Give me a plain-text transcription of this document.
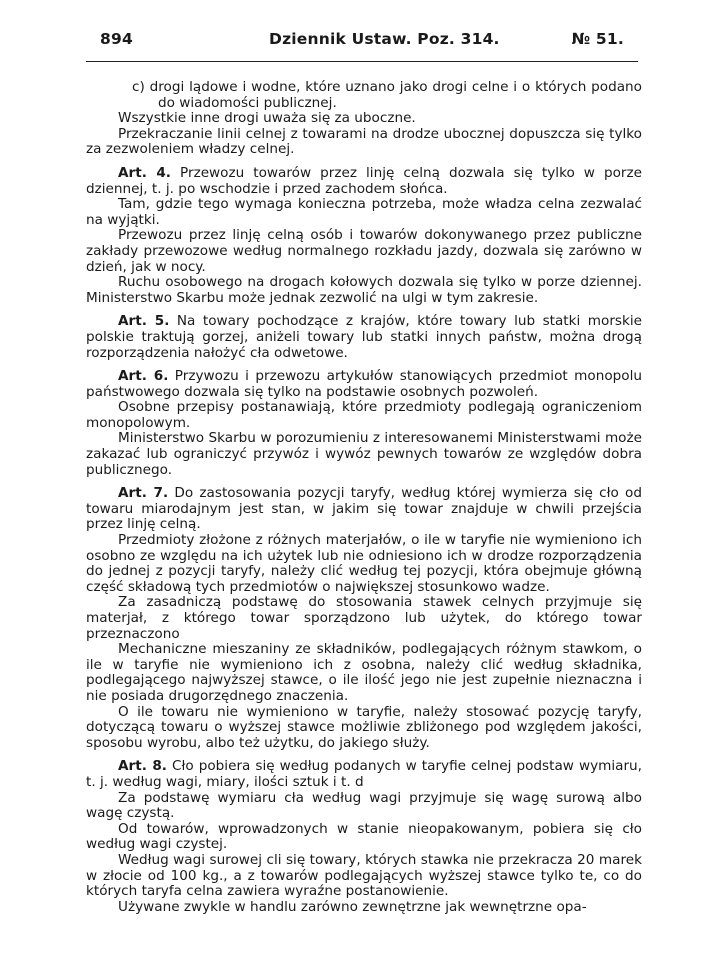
894	Dziennik Ustaw. Poz. 314.	№ 51.

c) drogi lądowe i wodne, które uznano jako drogi celne i o których podano do wiadomości publicznej.

Wszystkie inne drogi uważa się za uboczne.

Przekraczanie linii celnej z towarami na drodze ubocznej dopuszcza się tylko za zezwoleniem władzy celnej.

Art. 4. Przewozu towarów przez linję celną dozwala się tylko w porze dziennej, t. j. po wschodzie i przed zachodem słońca.

Tam, gdzie tego wymaga konieczna potrzeba, może władza celna zezwalać na wyjątki.

Przewozu przez linję celną osób i towarów dokonywanego przez publiczne zakłady przewozowe według normalnego rozkładu jazdy, dozwala się zarówno w dzień, jak w nocy.

Ruchu osobowego na drogach kołowych dozwala się tylko w porze dziennej. Ministerstwo Skarbu może jednak zezwolić na ulgi w tym zakresie.

Art. 5. Na towary pochodzące z krajów, które towary lub statki morskie polskie traktują gorzej, aniżeli towary lub statki innych państw, można drogą rozporządzenia nałożyć cła odwetowe.

Art. 6. Przywozu i przewozu artykułów stanowiących przedmiot monopolu państwowego dozwala się tylko na podstawie osobnych pozwoleń.

Osobne przepisy postanawiają, które przedmioty podlegają ograniczeniom monopolowym.

Ministerstwo Skarbu w porozumieniu z interesowanemi Ministerstwami może zakazać lub ograniczyć przywóz i wywóz pewnych towarów ze względów dobra publicznego.

Art. 7. Do zastosowania pozycji taryfy, według której wymierza się cło od towaru miarodajnym jest stan, w jakim się towar znajduje w chwili przejścia przez linję celną.

Przedmioty złożone z różnych materjałów, o ile w taryfie nie wymieniono ich osobno ze względu na ich użytek lub nie odniesiono ich w drodze rozporządzenia do jednej z pozycji taryfy, należy clić według tej pozycji, która obejmuje główną część składową tych przedmiotów o największej stosunkowo wadze.

Za zasadniczą podstawę do stosowania stawek celnych przyjmuje się materjał, z którego towar sporządzono lub użytek, do którego towar przeznaczono

Mechaniczne mieszaniny ze składników, podlegających różnym stawkom, o ile w taryfie nie wymieniono ich z osobna, należy clić według składnika, podlegającego najwyższej stawce, o ile ilość jego nie jest zupełnie nieznaczna i nie posiada drugorzędnego znaczenia.

O ile towaru nie wymieniono w taryfie, należy stosować pozycję taryfy, dotyczącą towaru o wyższej stawce możliwie zbliżonego pod względem jakości, sposobu wyrobu, albo też użytku, do jakiego służy.

Art. 8. Cło pobiera się według podanych w taryfie celnej podstaw wymiaru, t. j. według wagi, miary, ilości sztuk i t. d

Za podstawę wymiaru cła według wagi przyjmuje się wagę surową albo wagę czystą.

Od towarów, wprowadzonych w stanie nieopakowanym, pobiera się cło według wagi czystej.

Według wagi surowej cli się towary, których stawka nie przekracza 20 marek w złocie od 100 kg., a z towarów podlegających wyższej stawce tylko te, co do których taryfa celna zawiera wyraźne postanowienie.

Używane zwykle w handlu zarówno zewnętrzne jak wewnętrzne opa-
